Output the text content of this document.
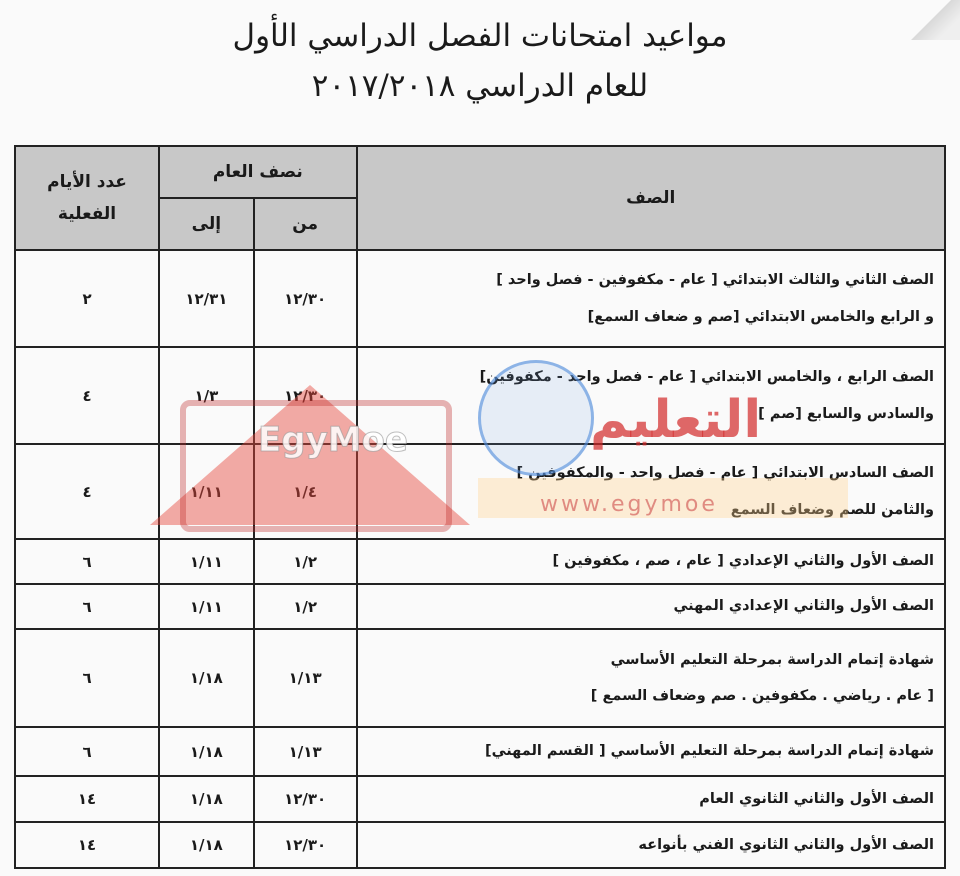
مواعيد امتحانات الفصل الدراسي الأول
للعام الدراسي ٢٠١٧/٢٠١٨
الصف	نصف العام		عدد الأيام
الفعلية

	من	إلى	

الصف الثاني والثالث الابتدائي [ عام - مكفوفين - فصل واحد ]
و الرابع والخامس الابتدائي [صم و ضعاف السمع]	١٢/٣٠	١٢/٣١	٢

الصف الرابع ، والخامس الابتدائي [ عام - فصل واحد - مكفوفين]
والسادس والسابع [صم ]	١٢/٣٠	١/٣	٤

الصف السادس الابتدائي [ عام - فصل واحد - والمكفوفين ]
والثامن للصم وضعاف السمع	١/٤	١/١١	٤

الصف الأول والثاني الإعدادي [ عام ، صم ، مكفوفين ]	١/٢	١/١١	٦

الصف الأول والثاني الإعدادي المهني	١/٢	١/١١	٦

شهادة إتمام الدراسة بمرحلة التعليم الأساسي
[ عام . رياضي . مكفوفين . صم وضعاف السمع ]	١/١٣	١/١٨	٦

شهادة إتمام الدراسة بمرحلة التعليم الأساسي [ القسم المهني]	١/١٣	١/١٨	٦

الصف الأول والثاني الثانوي العام	١٢/٣٠	١/١٨	١٤

الصف الأول والثاني الثانوي الفني بأنواعه	١٢/٣٠	١/١٨	١٤
EgyMoe	التعليم
www.egymoe
